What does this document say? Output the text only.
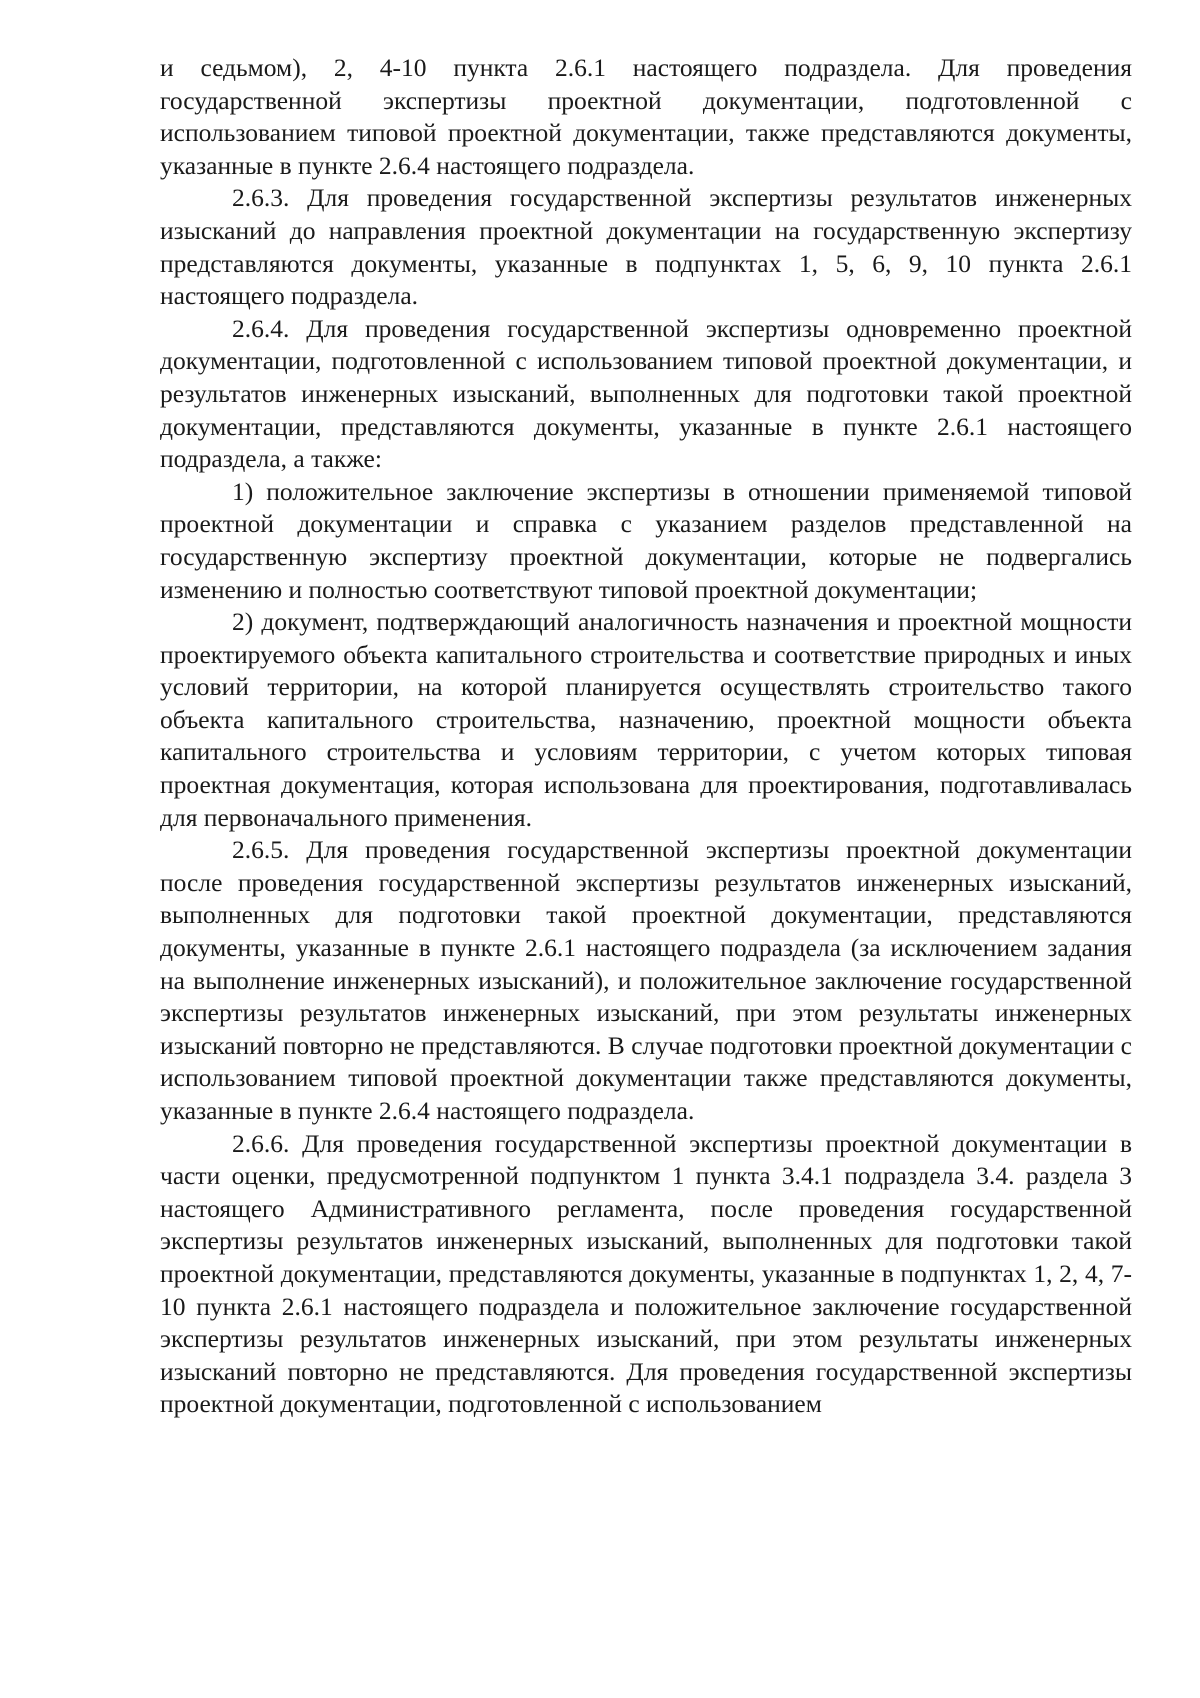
и седьмом), 2, 4-10 пункта 2.6.1 настоящего подраздела. Для проведения государственной экспертизы проектной документации, подготовленной с использованием типовой проектной документации, также представляются документы, указанные в пункте 2.6.4 настоящего подраздела.

2.6.3. Для проведения государственной экспертизы результатов инженерных изысканий до направления проектной документации на государственную экспертизу представляются документы, указанные в подпунктах 1, 5, 6, 9, 10 пункта 2.6.1 настоящего подраздела.

2.6.4. Для проведения государственной экспертизы одновременно проектной документации, подготовленной с использованием типовой проектной документации, и результатов инженерных изысканий, выполненных для подготовки такой проектной документации, представляются документы, указанные в пункте 2.6.1 настоящего подраздела, а также:

1) положительное заключение экспертизы в отношении применяемой типовой проектной документации и справка с указанием разделов представленной на государственную экспертизу проектной документации, которые не подвергались изменению и полностью соответствуют типовой проектной документации;

2) документ, подтверждающий аналогичность назначения и проектной мощности проектируемого объекта капитального строительства и соответствие природных и иных условий территории, на которой планируется осуществлять строительство такого объекта капитального строительства, назначению, проектной мощности объекта капитального строительства и условиям территории, с учетом которых типовая проектная документация, которая использована для проектирования, подготавливалась для первоначального применения.

2.6.5. Для проведения государственной экспертизы проектной документации после проведения государственной экспертизы результатов инженерных изысканий, выполненных для подготовки такой проектной документации, представляются документы, указанные в пункте 2.6.1 настоящего подраздела (за исключением задания на выполнение инженерных изысканий), и положительное заключение государственной экспертизы результатов инженерных изысканий, при этом результаты инженерных изысканий повторно не представляются. В случае подготовки проектной документации с использованием типовой проектной документации также представляются документы, указанные в пункте 2.6.4 настоящего подраздела.

2.6.6. Для проведения государственной экспертизы проектной документации в части оценки, предусмотренной подпунктом 1 пункта 3.4.1 подраздела 3.4. раздела 3 настоящего Административного регламента, после проведения государственной экспертизы результатов инженерных изысканий, выполненных для подготовки такой проектной документации, представляются документы, указанные в подпунктах 1, 2, 4, 7-10 пункта 2.6.1 настоящего подраздела и положительное заключение государственной экспертизы результатов инженерных изысканий, при этом результаты инженерных изысканий повторно не представляются. Для проведения государственной экспертизы проектной документации, подготовленной с использованием
